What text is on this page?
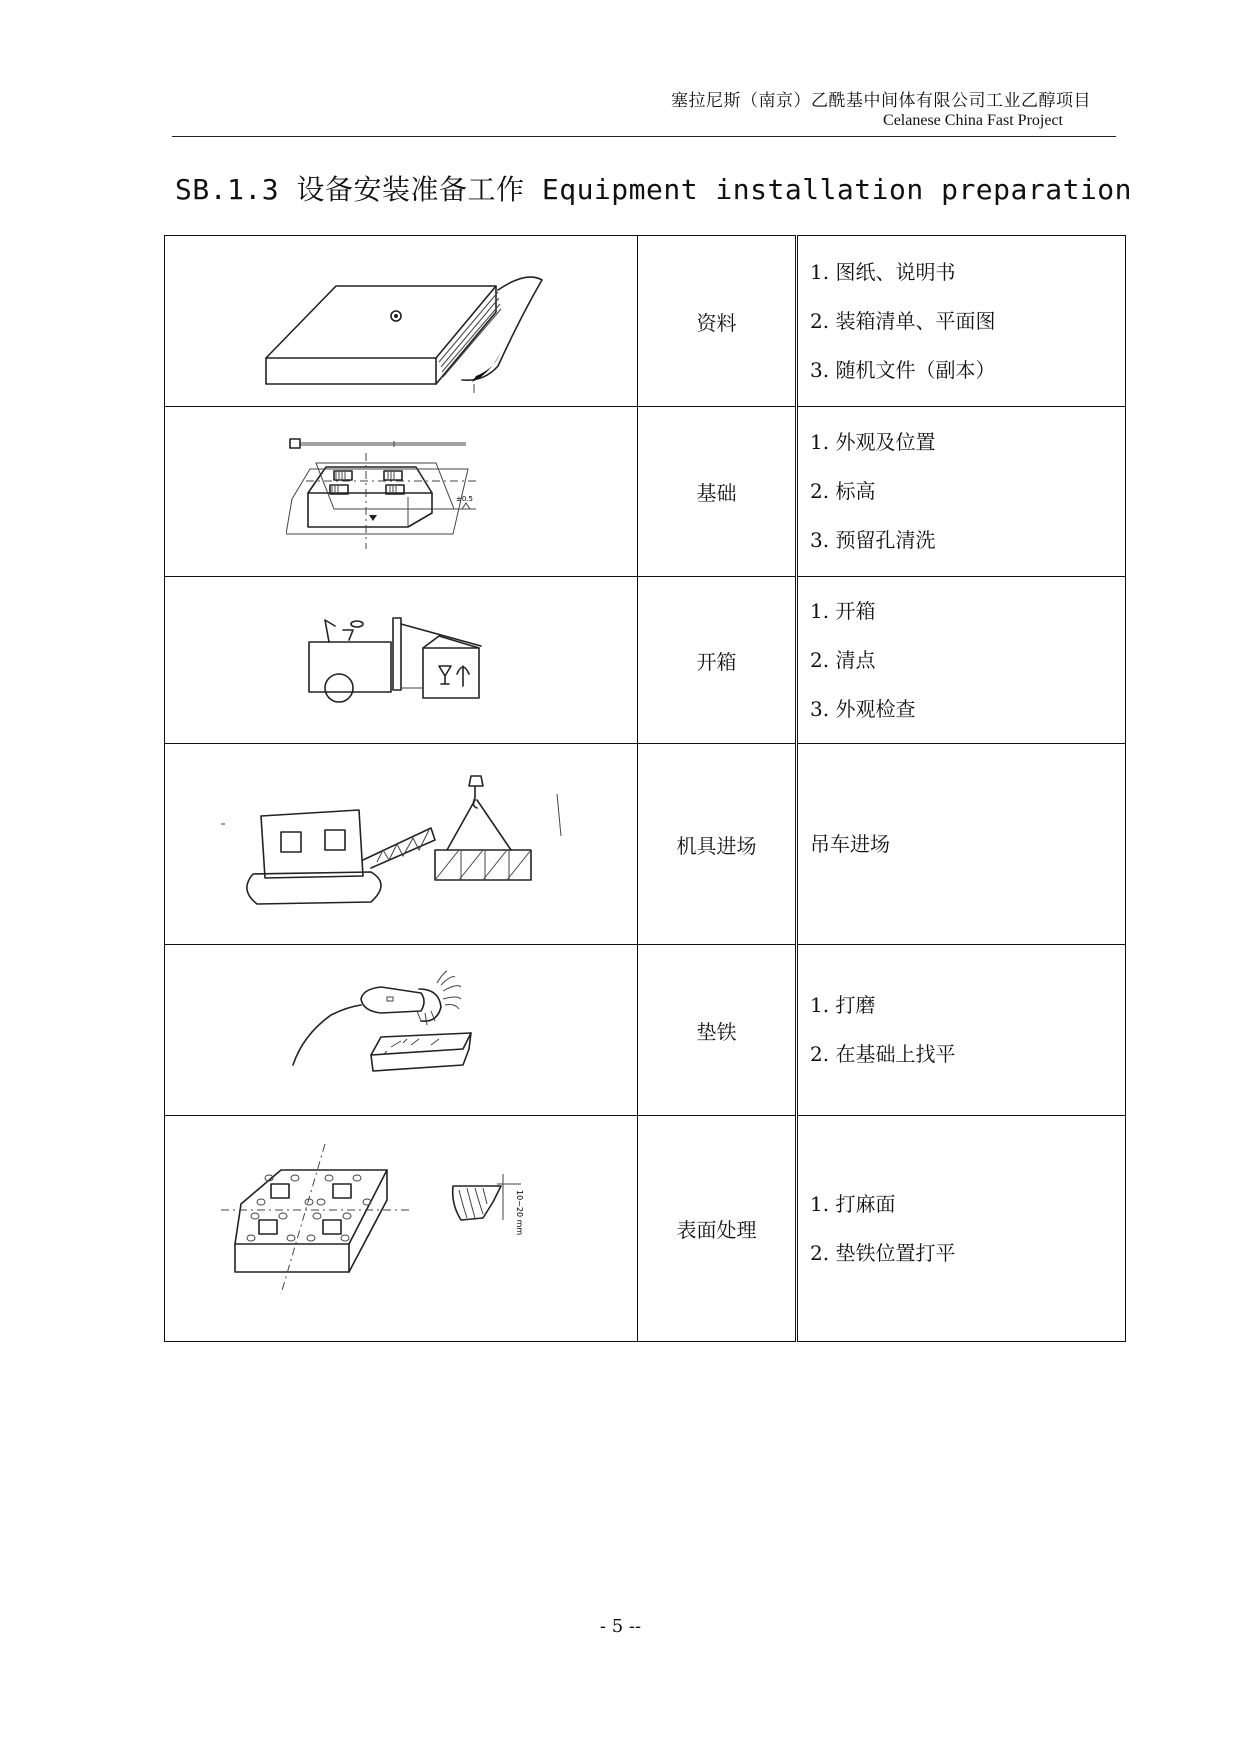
塞拉尼斯（南京）乙酰基中间体有限公司工业乙醇项目
Celanese China Fast Project
SB.1.3 设备安装准备工作 Equipment installation preparation
	资料	1. 图纸、说明书
2. 装箱清单、平面图
3. 随机文件（副本）

±0.5	基础	1. 外观及位置
2. 标高
3. 预留孔清洗

	开箱	1. 开箱
2. 清点
3. 外观检查

	机具进场	吊车进场

	垫铁	1. 打磨
2. 在基础上找平

10~20 mm	表面处理	1. 打麻面
2. 垫铁位置打平
- 5 --
